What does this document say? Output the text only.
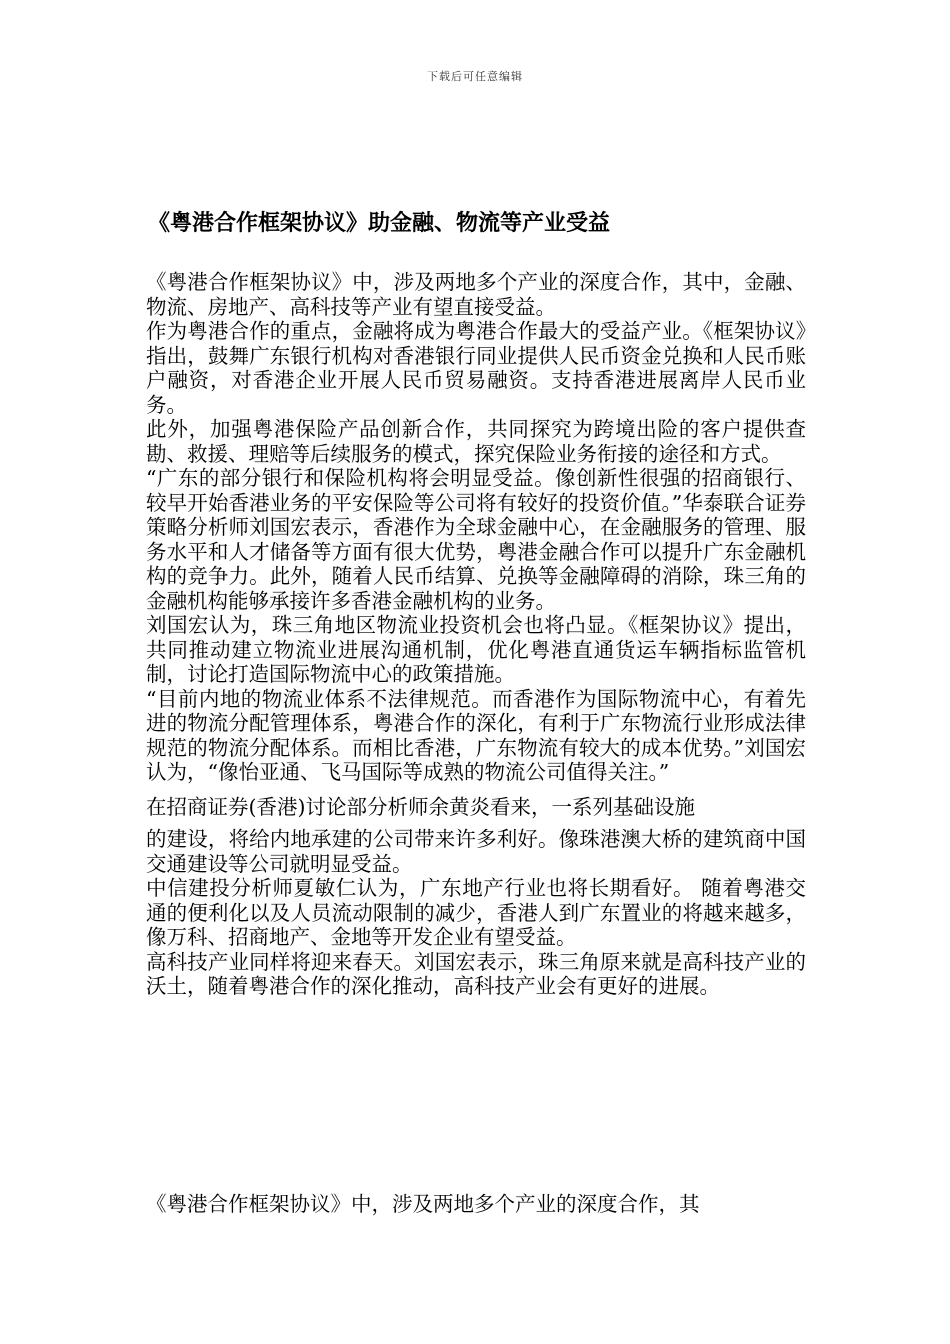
下载后可任意编辑
《粤港合作框架协议》助金融、物流等产业受益

《粤港合作框架协议》中，涉及两地多个产业的深度合作，其中，金融、物流、房地产、高科技等产业有望直接受益。

作为粤港合作的重点，金融将成为粤港合作最大的受益产业。《框架协议》指出，鼓舞广东银行机构对香港银行同业提供人民币资金兑换和人民币账户融资，对香港企业开展人民币贸易融资。支持香港进展离岸人民币业务。

此外，加强粤港保险产品创新合作，共同探究为跨境出险的客户提供查勘、救援、理赔等后续服务的模式，探究保险业务衔接的途径和方式。

“广东的部分银行和保险机构将会明显受益。像创新性很强的招商银行、较早开始香港业务的平安保险等公司将有较好的投资价值。”华泰联合证券策略分析师刘国宏表示，香港作为全球金融中心，在金融服务的管理、服务水平和人才储备等方面有很大优势，粤港金融合作可以提升广东金融机构的竞争力。此外，随着人民币结算、兑换等金融障碍的消除，珠三角的金融机构能够承接许多香港金融机构的业务。

刘国宏认为，珠三角地区物流业投资机会也将凸显。《框架协议》提出，共同推动建立物流业进展沟通机制，优化粤港直通货运车辆指标监管机制，讨论打造国际物流中心的政策措施。

“目前内地的物流业体系不法律规范。而香港作为国际物流中心，有着先进的物流分配管理体系，粤港合作的深化，有利于广东物流行业形成法律规范的物流分配体系。而相比香港，广东物流有较大的成本优势。”刘国宏认为，“像怡亚通、飞马国际等成熟的物流公司值得关注。”

在招商证券(香港)讨论部分析师余黄炎看来，一系列基础设施

的建设，将给内地承建的公司带来许多利好。像珠港澳大桥的建筑商中国交通建设等公司就明显受益。

中信建投分析师夏敏仁认为，广东地产行业也将长期看好。 随着粤港交通的便利化以及人员流动限制的减少，香港人到广东置业的将越来越多，像万科、招商地产、金地等开发企业有望受益。

高科技产业同样将迎来春天。刘国宏表示，珠三角原来就是高科技产业的沃土，随着粤港合作的深化推动，高科技产业会有更好的进展。

《粤港合作框架协议》中，涉及两地多个产业的深度合作，其
